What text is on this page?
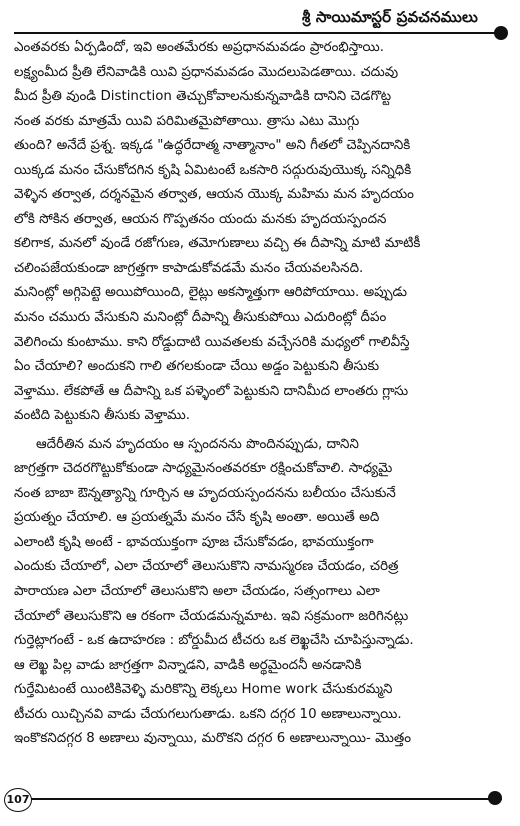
శ్రీ సాయిమాస్టర్ ప్రవచనములు
ఎంతవరకు ఏర్పడిందో, ఇవి అంతమేరకు అప్రధానమవడం ప్రారంభిస్తాయి.
లక్ష్యంమీద ప్రీతి లేనివాడికి యివి ప్రధానమవడం మొదలుపెడతాయి. చదువు
మీద ప్రీతి వుండి Distinction తెచ్చుకోవాలనుకున్నవాడికి దానిని చెడగొట్ట
నంత వరకు మాత్రమే యివి పరిమితమైపోతాయి. త్రాసు ఎటు మొగ్గు
తుంది? అనేదే ప్రశ్న. ఇక్కడ "ఉద్ధరేదాత్మ నాత్మానాం" అని గీతలో చెప్పినదానికి
యిక్కడ మనం చేసుకోదగిన కృషి ఏమిటంటే ఒకసారి సద్గురువుయొక్క సన్నిధికి
వెళ్ళిన తర్వాత, దర్శనమైన తర్వాత, ఆయన యొక్క మహిమ మన హృదయం
లోకి సోకిన తర్వాత, ఆయన గొప్పతనం యందు మనకు హృదయస్పందన
కలిగాక, మనలో వుండే రజోగుణ, తమోగుణాలు వచ్చి ఈ దీపాన్ని మాటి మాటికీ
చలింపజేయకుండా జాగ్రత్తగా కాపాడుకోవడమే మనం చేయవలసినది.
మనింట్లో అగ్గిపెట్టె అయిపోయింది, లైట్లు అకస్మాత్తుగా ఆరిపోయాయి. అప్పుడు
మనం చమురు వేసుకుని మనింట్లో దీపాన్ని తీసుకుపోయి ఎదురింట్లో దీపం
వెలిగించు కుంటాము. కాని రోడ్డుదాటి యివతలకు వచ్చేసరికి మధ్యలో గాలివీస్తే
ఏం చేయాలి? అందుకని గాలి తగలకుండా చేయి అడ్డం పెట్టుకుని తీసుకు
వెళ్తాము. లేకపోతే ఆ దీపాన్ని ఒక పళ్ళెంలో పెట్టుకుని దానిమీద లాంతరు గ్లాసు
వంటిది పెట్టుకుని తీసుకు వెళ్తాము.
ఆదేరీతిన మన హృదయం ఆ స్పందనను పొందినప్పుడు, దానిని
జాగ్రత్తగా చెదరగొట్టుకోకుండా సాధ్యమైనంతవరకూ రక్షించుకోవాలి. సాధ్యమై
నంత బాబా ఔన్నత్యాన్ని గూర్చిన ఆ హృదయస్పందనను బలీయం చేసుకునే
ప్రయత్నం చేయాలి. ఆ ప్రయత్నమే మనం చేసే కృషి అంతా. అయితే అది
ఎలాంటి కృషి అంటే - భావయుక్తంగా పూజ చేసుకోవడం, భావయుక్తంగా
ఎందుకు చేయాలో, ఎలా చేయాలో తెలుసుకొని నామస్మరణ చేయడం, చరిత్ర
పారాయణ ఎలా చేయాలో తెలుసుకొని అలా చేయడం, సత్సంగాలు ఎలా
చేయాలో తెలుసుకొని ఆ రకంగా చేయడమన్నమాట. ఇవి సక్రమంగా జరిగినట్లు
గుర్తెట్లాగంటే - ఒక ఉదాహరణ : బోర్డుమీద టీచరు ఒక లెఖ్ఖచేసి చూపిస్తున్నాడు.
ఆ లెఖ్ఖ పిల్ల వాడు జాగ్రత్తగా విన్నాడని, వాడికి అర్థమైందనీ అనడానికి
గుర్తేమిటంటే యింటికివెళ్ళి మరికొన్ని లెక్కలు Home work చేసుకురమ్మని
టీచరు యిచ్చినవి వాడు చేయగలుగుతాడు. ఒకని దగ్గర 10 అణాలున్నాయి.
ఇంకొకనిదగ్గర 8 అణాలు వున్నాయి, మరొకని దగ్గర 6 అణాలున్నాయి- మొత్తం
107
